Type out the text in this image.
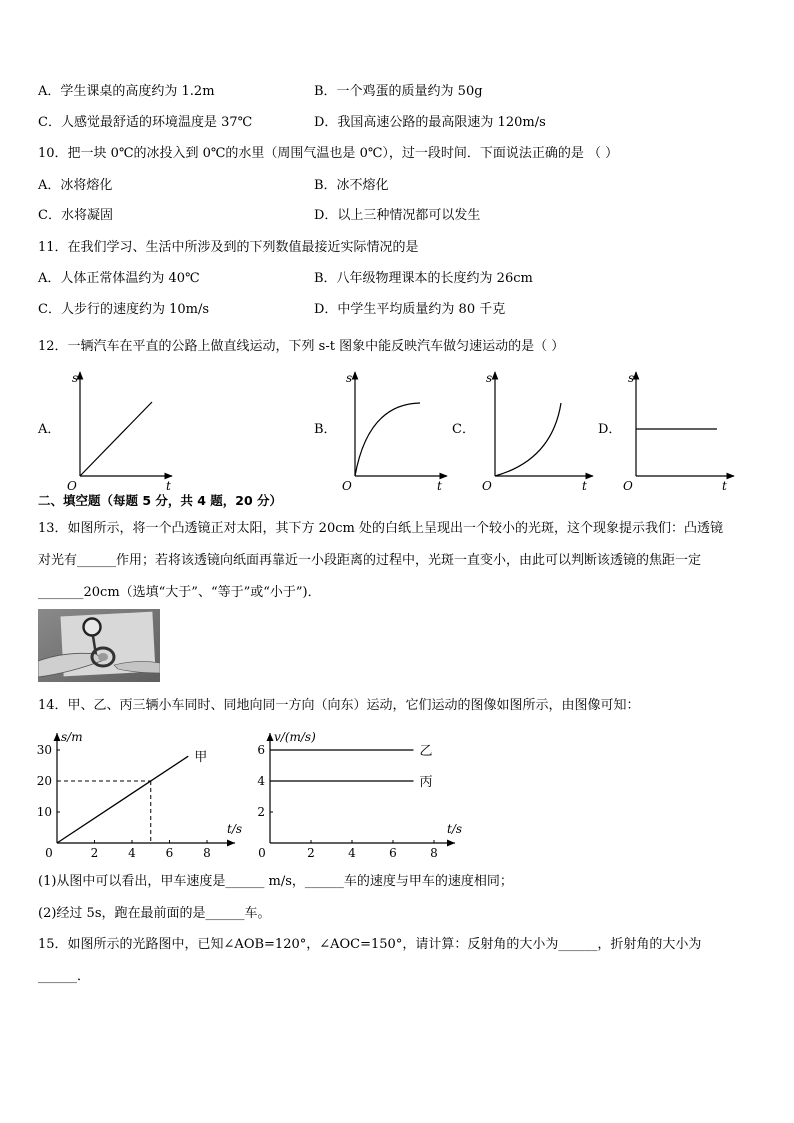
A．学生课桌的高度约为 1.2m	B．一个鸡蛋的质量约为 50g
C．人感觉最舒适的环境温度是 37℃	D．我国高速公路的最高限速为 120m/s
10．把一块 0℃的冰投入到 0℃的水里（周围气温也是 0℃），过一段时间．下面说法正确的是 （ ）
A．冰将熔化	B．冰不熔化
C．水将凝固	D．以上三种情况都可以发生
11．在我们学习、生活中所涉及到的下列数值最接近实际情况的是
A．人体正常体温约为 40℃	B．八年级物理课本的长度约为 26cm
C．人步行的速度约为 10m/s	D．中学生平均质量约为 80 千克
12．一辆汽车在平直的公路上做直线运动，下列 s-t 图象中能反映汽车做匀速运动的是（ ）
A．	B．	C．	D．
s
t
O
s
t
O
s
t
O
s
t
O
二、填空题（每题 5 分，共 4 题，20 分）
13．如图所示，将一个凸透镜正对太阳，其下方 20cm 处的白纸上呈现出一个较小的光斑，这个现象提示我们：凸透镜
对光有______作用；若将该透镜向纸面再靠近一小段距离的过程中，光斑一直变小，由此可以判断该透镜的焦距一定
_______20cm（选填“大于”、“等于”或“小于”)．
14．甲、乙、丙三辆小车同时、同地向同一方向（向东）运动，它们运动的图像如图所示，由图像可知：
0	2 4 6 8
10
20
30
s/m
t/s
甲
0	2	4	6	8
2
4
6
v/(m/s)
t/s
乙
丙
(1)从图中可以看出，甲车速度是______ m/s，______车的速度与甲车的速度相同；
(2)经过 5s，跑在最前面的是______车。
15．如图所示的光路图中，已知∠AOB=120°，∠AOC=150°，请计算：反射角的大小为______，折射角的大小为
______．
